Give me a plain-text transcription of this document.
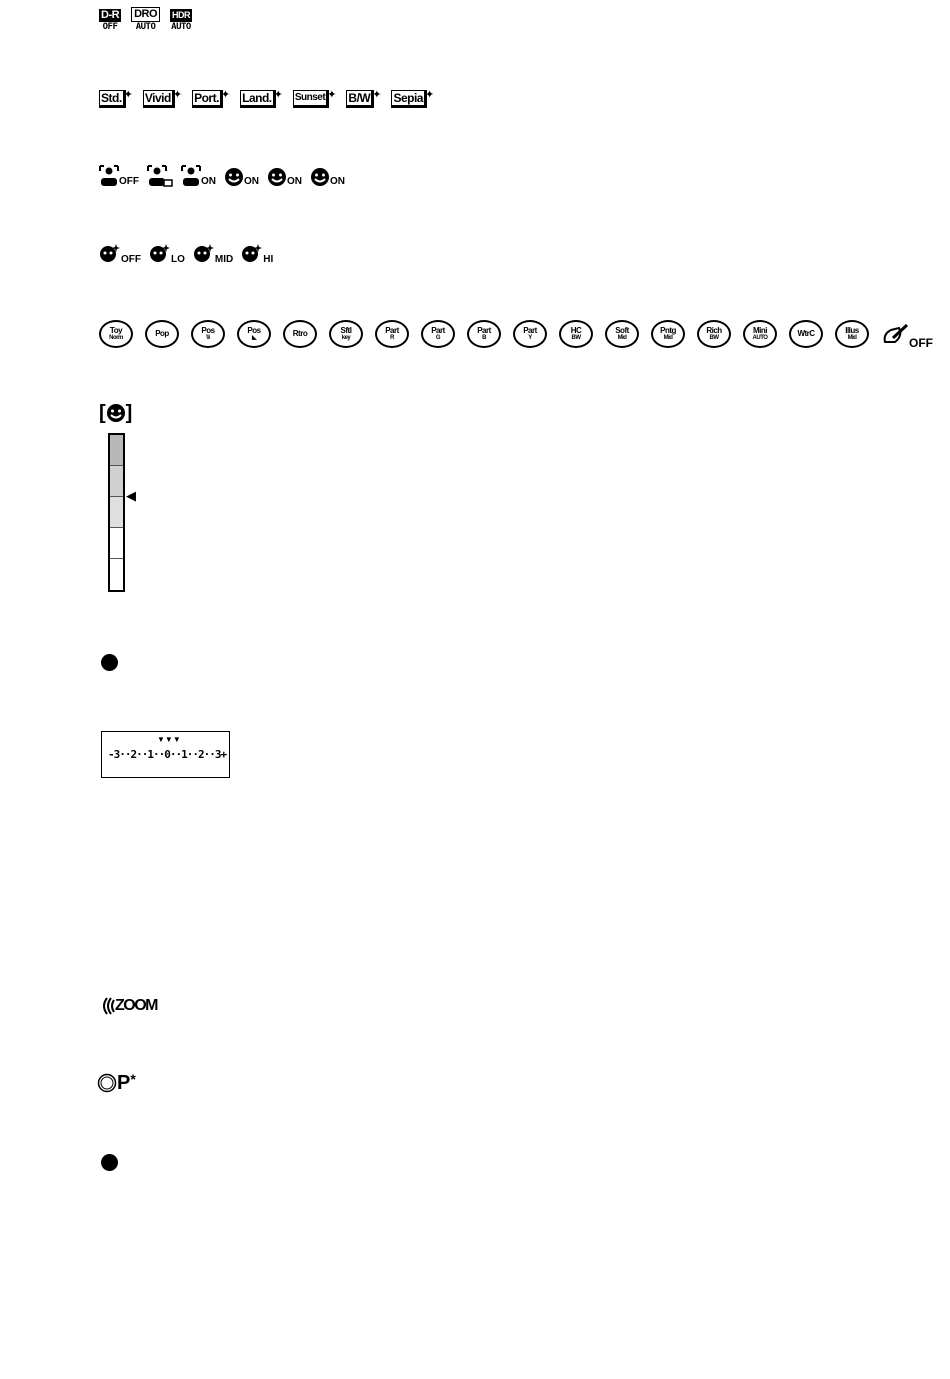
D-R
OFF
DRO
AUTO
HDR
AUTO
Std. ✦ Vivid ✦ Port. ✦ Land. ✦ Sunset ✦ B/W ✦ Sepia ✦
OFF	ON	ON	ON	ON
OFF	LO	MID	HI
Toy
Norm	Pop	Pos
\\\
Pos
◣	Rtro	Sftl
key
Part
R
Part
G
Part
B
Part
Y
HC
BW
Soft
Mid
Pntg
Mid
Rich
BW
Mini
AUTO	WtrC	Illus
Mid	OFF
[ ]
◀
▼▼▼
-3··2··1··0··1··2··3+
ZOOM
P *
